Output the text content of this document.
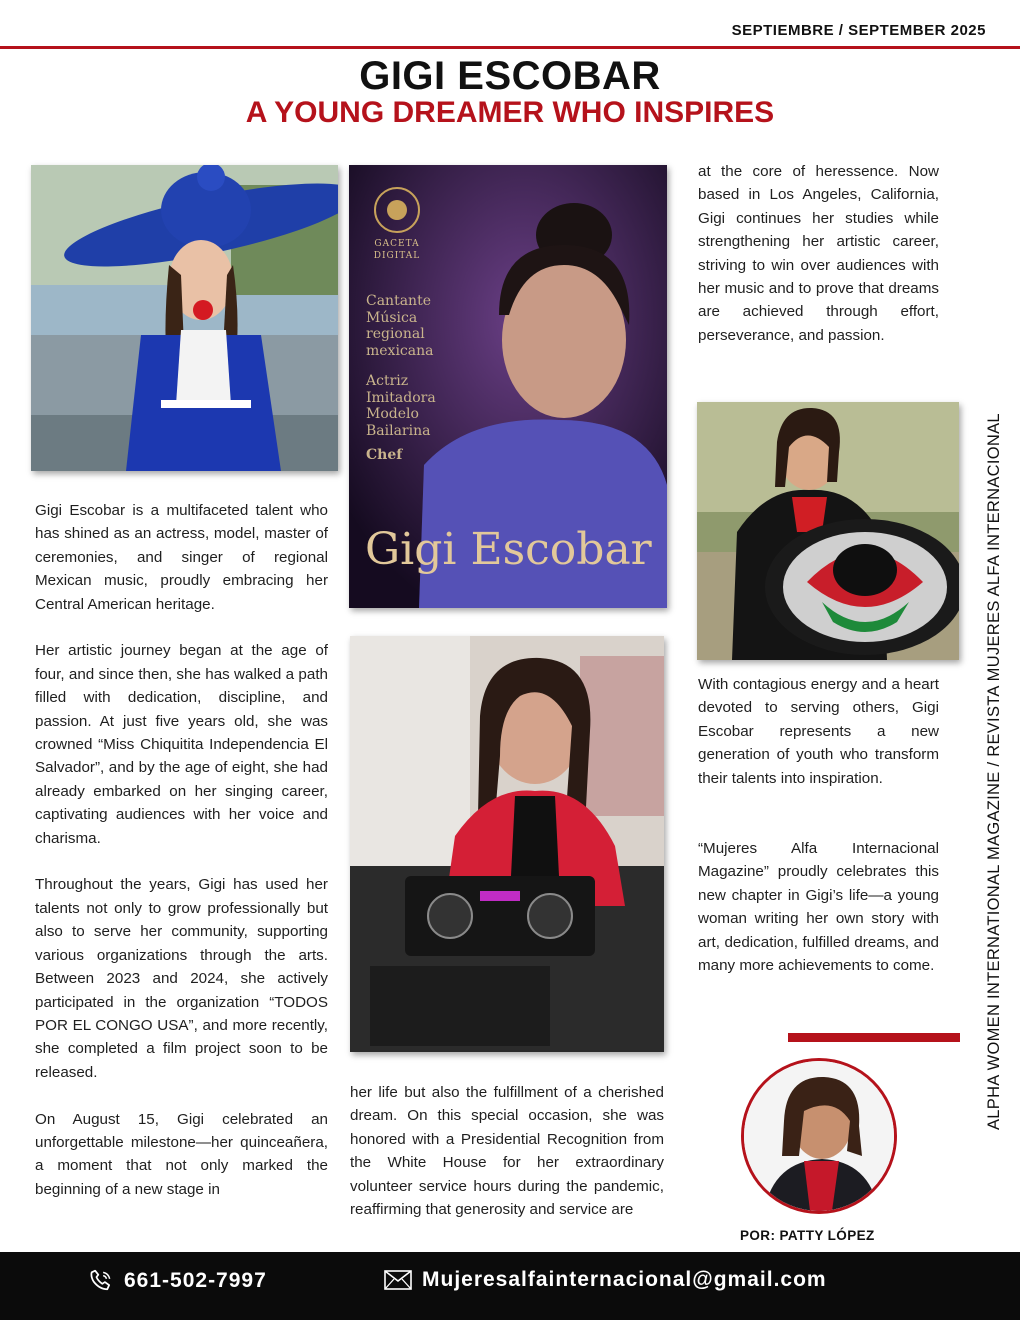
SEPTIEMBRE / SEPTEMBER 2025
GIGI ESCOBAR
A YOUNG DREAMER WHO INSPIRES
GACETA DIGITAL
Cantante
Música
regional
mexicana
Actriz
Imitadora
Modelo
Bailarina
Chef
Gigi Escobar

Gigi Escobar is a multifaceted talent who has shined as an actress, model, master of ceremonies, and singer of regional Mexican music, proudly embracing her Central American heritage.

Her artistic journey began at the age of four, and since then, she has walked a path filled with dedication, discipline, and passion. At just five years old, she was crowned “Miss Chiquitita Independencia El Salvador”, and by the age of eight, she had already embarked on her singing career, captivating audiences with her voice and charisma.

Throughout the years, Gigi has used her talents not only to grow professionally but also to serve her community, supporting various organizations through the arts. Between 2023 and 2024, she actively participated in the organization “TODOS POR EL CONGO USA”, and more recently, she completed a film project soon to be released.

On August 15, Gigi celebrated an unforgettable milestone—her quinceañera, a moment that not only marked the beginning of a new stage in

her life but also the fulfillment of a cherished dream. On this special occasion, she was honored with a Presidential Recognition from the White House for her extraordinary volunteer service hours during the pandemic, reaffirming that generosity and service are

at the core of heressence. Now based in Los Angeles, California, Gigi continues her studies while strengthening her artistic career, striving to win over audiences with her music and to prove that dreams are achieved through effort, perseverance, and passion.

With contagious energy and a heart devoted to serving others, Gigi Escobar represents a new generation of youth who transform their talents into inspiration.

“Mujeres Alfa Internacional Magazine” proudly celebrates this new chapter in Gigi’s life—a young woman writing her own story with art, dedication, fulfilled dreams, and many more achievements to come.	ALPHA WOMEN INTERNATIONAL MAGAZINE / REVISTA MUJERES ALFA INTERNACIONAL
POR: PATTY LÓPEZ
661-502-7997	Mujeresalfainternacional@gmail.com
